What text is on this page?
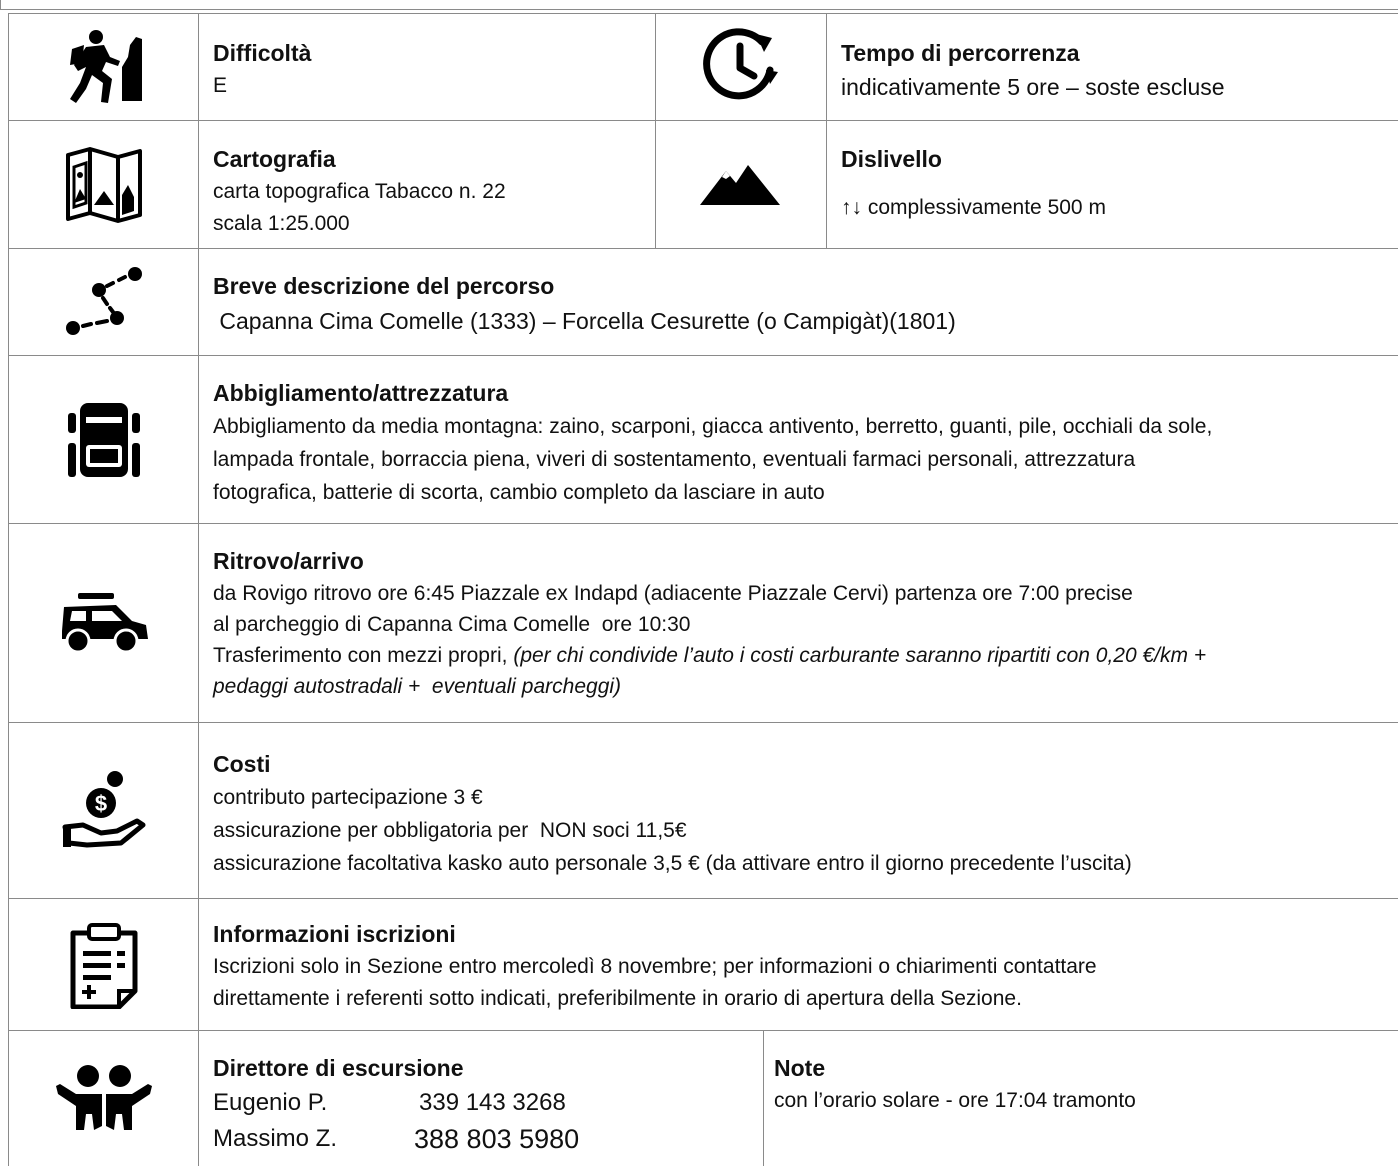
Difficoltà
E
Tempo di percorrenza
indicativamente 5 ore – soste escluse
Cartografia
carta topografica Tabacco n. 22
scala 1:25.000
Dislivello
↑↓ complessivamente 500 m
Breve descrizione del percorso
Capanna Cima Comelle (1333) – Forcella Cesurette (o Campigàt)(1801)
Abbigliamento/attrezzatura
Abbigliamento da media montagna: zaino, scarponi, giacca antivento, berretto, guanti, pile, occhiali da sole,
lampada frontale, borraccia piena, viveri di sostentamento, eventuali farmaci personali, attrezzatura
fotografica, batterie di scorta, cambio completo da lasciare in auto
Ritrovo/arrivo
da Rovigo ritrovo ore 6:45 Piazzale ex Indapd (adiacente Piazzale Cervi) partenza ore 7:00 precise
al parcheggio di Capanna Cima Comelle  ore 10:30
Trasferimento con mezzi propri, (per chi condivide l’auto i costi carburante saranno ripartiti con 0,20 €/km +
pedaggi autostradali +  eventuali parcheggi)
$
Costi
contributo partecipazione 3 €
assicurazione per obbligatoria per  NON soci 11,5€
assicurazione facoltativa kasko auto personale 3,5 € (da attivare entro il giorno precedente l’uscita)
Informazioni iscrizioni
Iscrizioni solo in Sezione entro mercoledì 8 novembre; per informazioni o chiarimenti contattare
direttamente i referenti sotto indicati, preferibilmente in orario di apertura della Sezione.
Direttore di escursione
Eugenio P.	339 143 3268
Massimo Z.	388 803 5980
Note
con l’orario solare - ore 17:04 tramonto
